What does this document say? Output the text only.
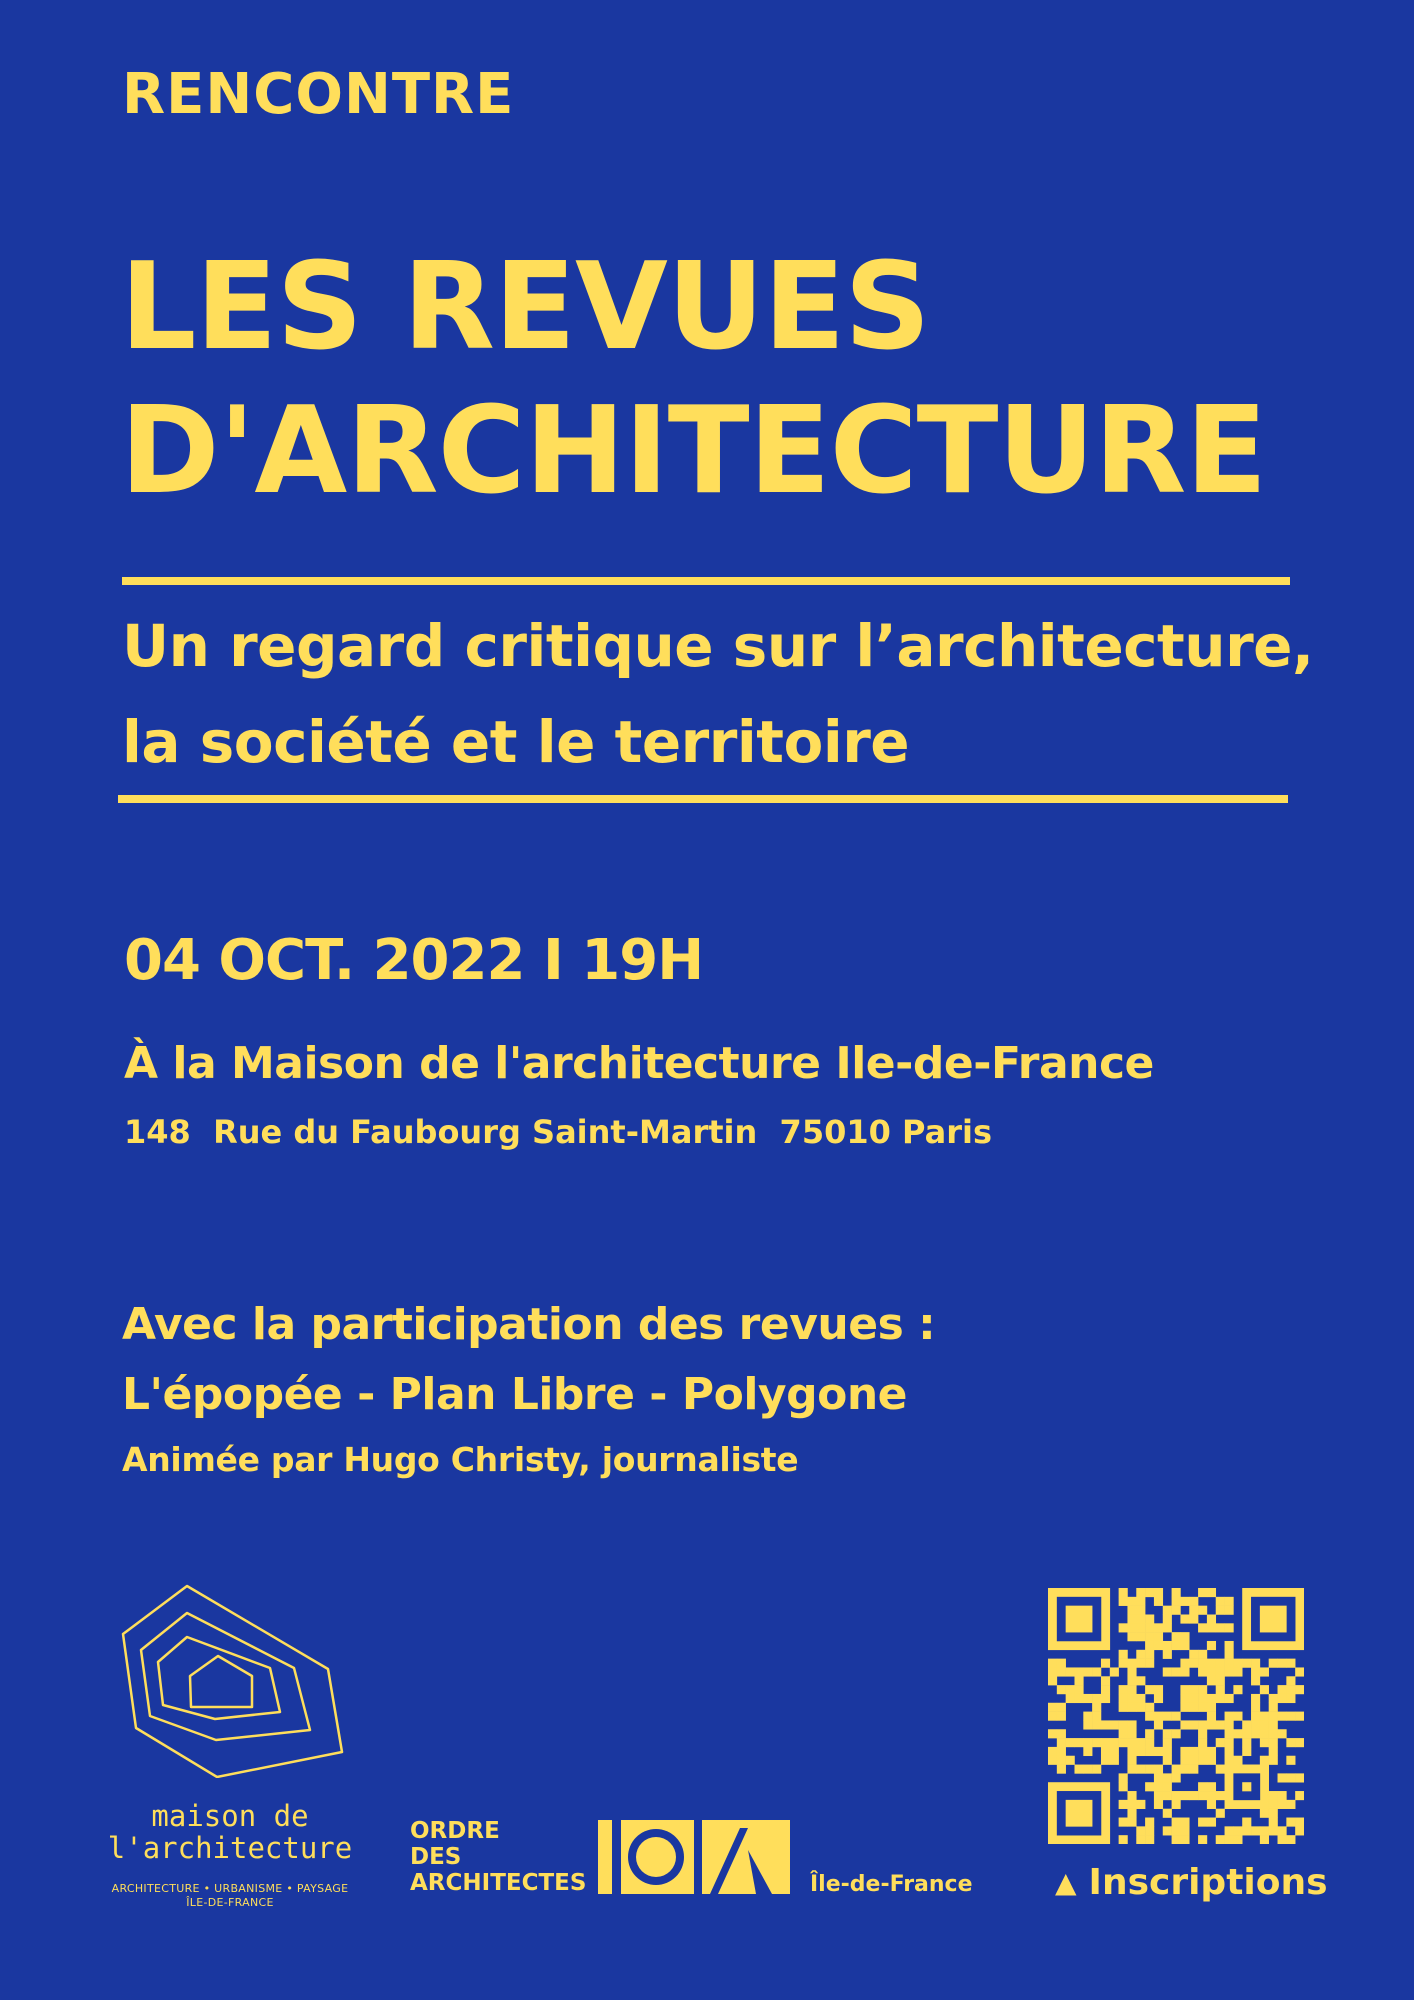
RENCONTRE
LES REVUES
D'ARCHITECTURE
Un regard critique sur l’architecture,
la société et le territoire
04 OCT. 2022 I 19H
À la Maison de l'architecture Ile-de-France
148  Rue du Faubourg Saint-Martin  75010 Paris
Avec la participation des revues :
L'épopée - Plan Libre - Polygone
Animée par Hugo Christy, journaliste
maison de
l'architecture
ARCHITECTURE • URBANISME • PAYSAGE
ÎLE-DE-FRANCE
ORDRE
DES
ARCHITECTES	Île-de-France	▲ Inscriptions
